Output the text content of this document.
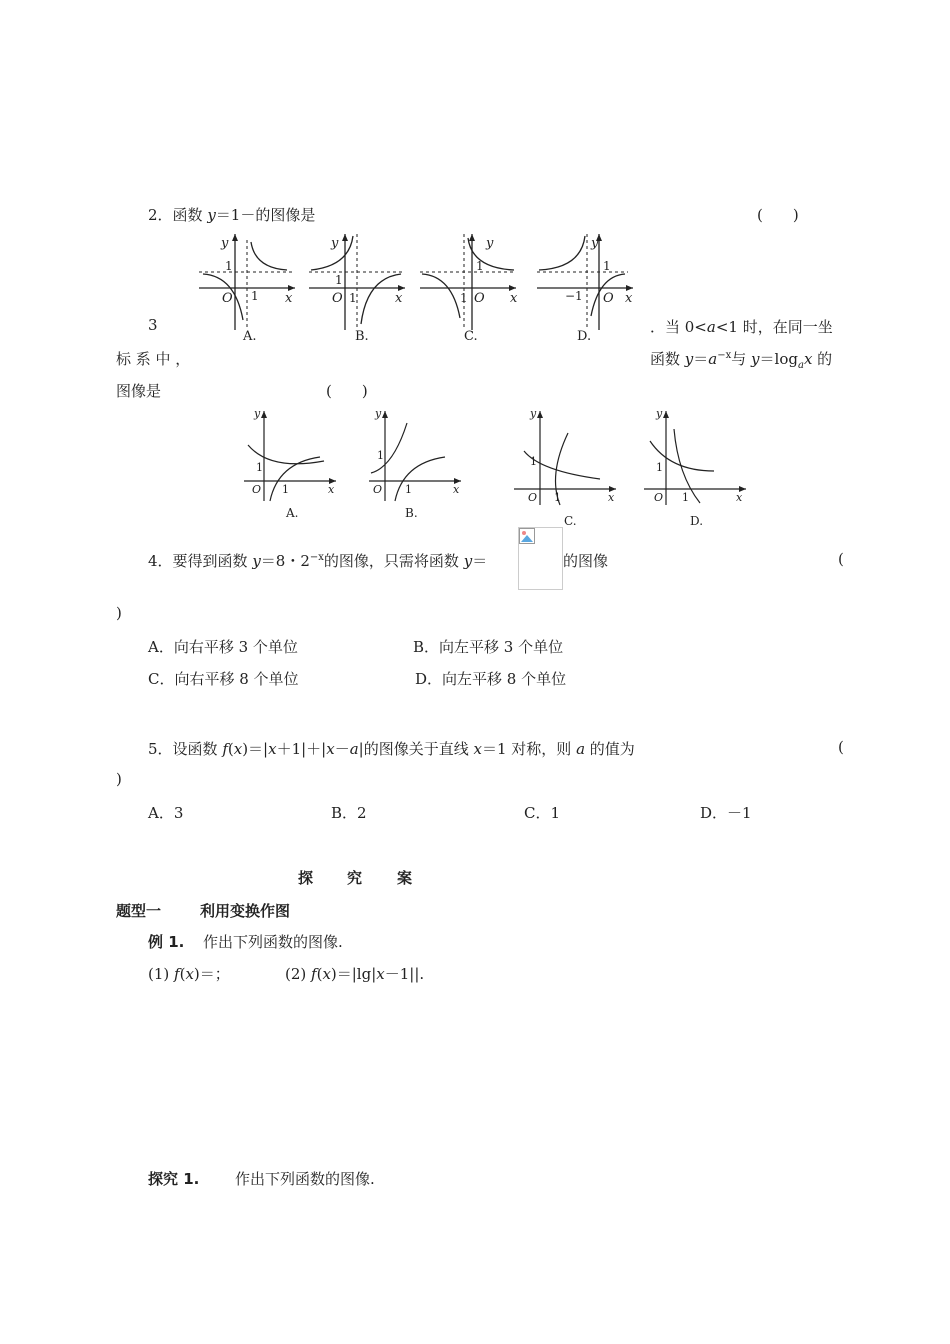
2．函数 y＝1－的图像是	(　　)
y
1
O 1 x
A.
y
1
O 1	x
B.
y
1
O
1	x
C.
y
1
O
−1	x
D.
3	．当 0<a<1 时，在同一坐
标 系 中 ，	函数 $y=a^{-x}$与 $y=\log_ax$ 的
图像是	(　　)
y
1
O 1	x
A.
y
1
O 1	x
B.
y
1
O 1	x
C.
y
1
O 1	x
D.
4．要得到函数 y＝8・$2^{-x}$的图像，只需将函数 y＝	的图像	(
)
A．向右平移 3 个单位	B．向左平移 3 个单位
C．向右平移 8 个单位	D．向左平移 8 个单位
5．设函数 f(x)＝|x＋1|＋|x－a|的图像关于直线 x＝1 对称，则 a 的值为	(
)
A．3	B．2	C．1	D．－1
探 究 案
题型一	利用变换作图
例 1. 作出下列函数的图像.
(1) f(x)＝；	(2) f(x)＝|lg|x－1||.
探究 1. 作出下列函数的图像.
